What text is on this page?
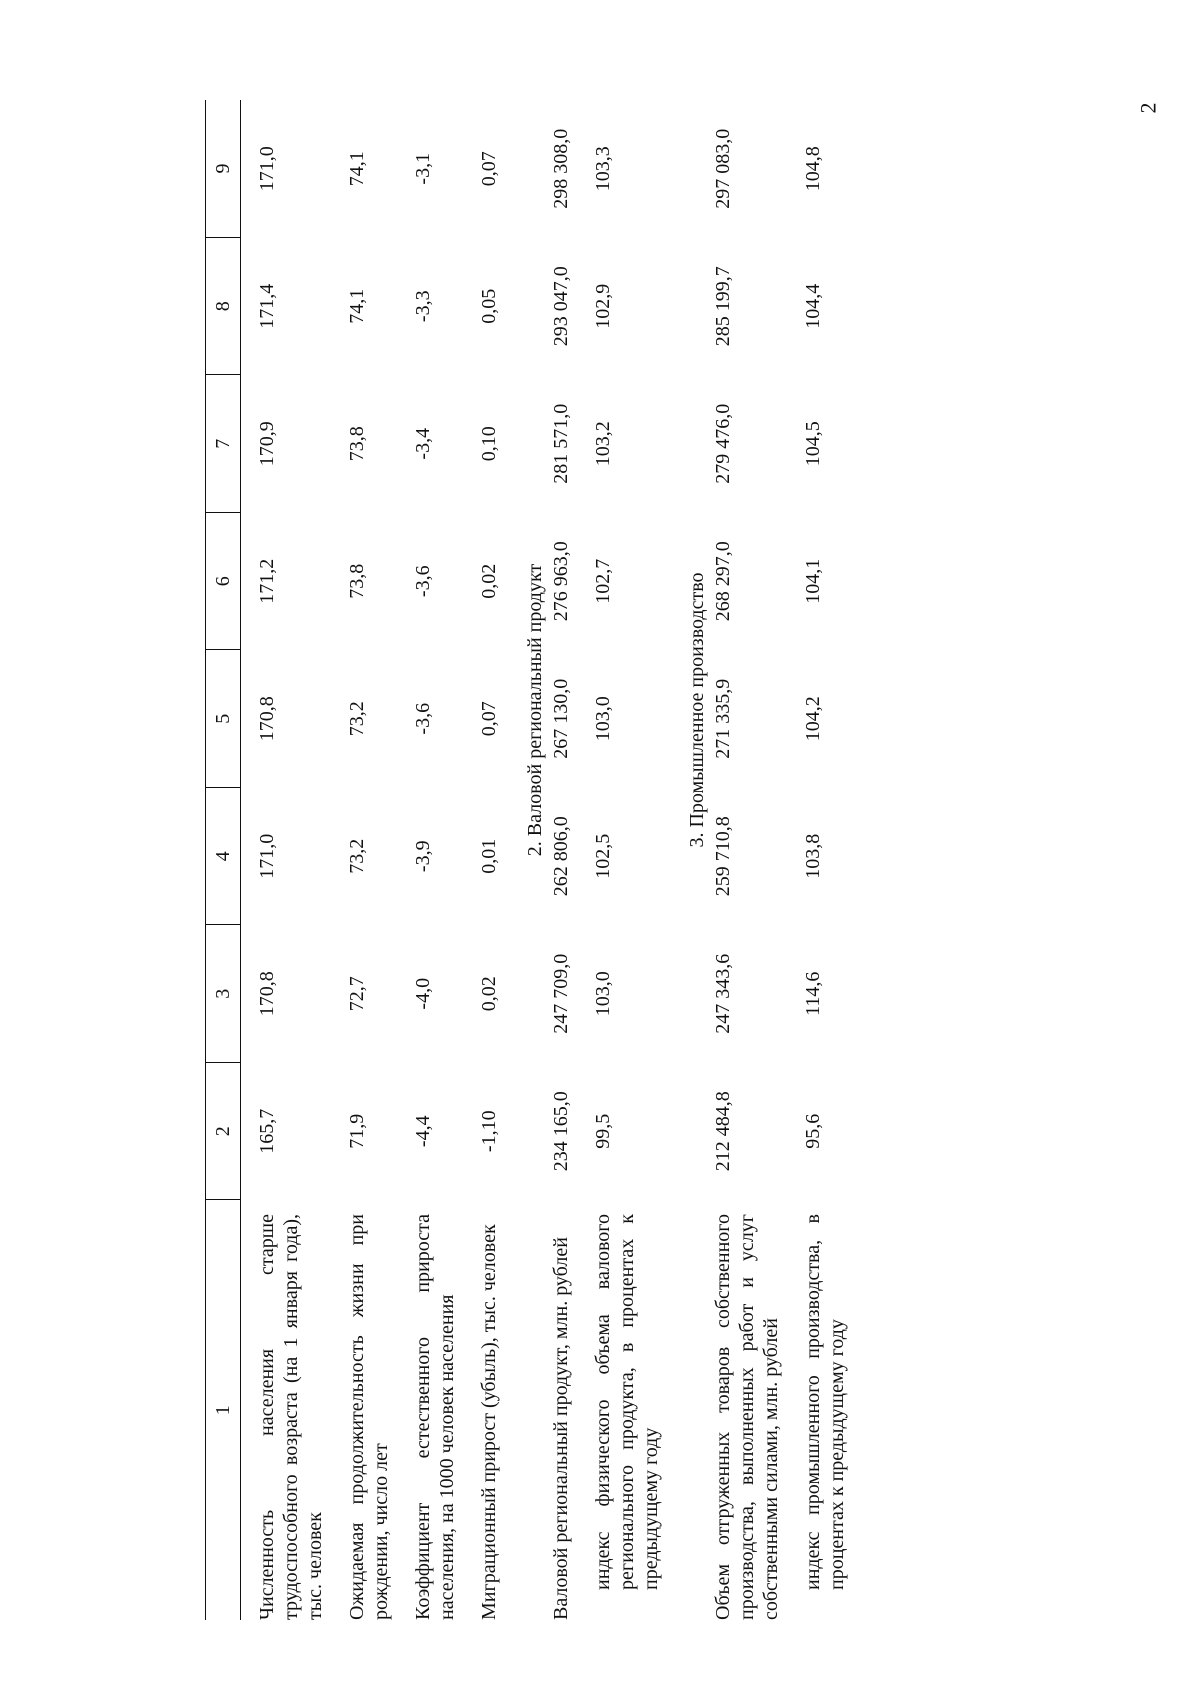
2
1	2	3	4	5	6	7	8	9
Численность населения старше трудоспособного возраста (на 1 января года), тыс. человек	165,7	170,8	171,0	170,8	171,2	170,9	171,4	171,0
Ожидаемая продолжительность жизни при рождении, число лет	71,9	72,7	73,2	73,2	73,8	73,8	74,1	74,1
Коэффициент естественного прироста населения, на 1000 человек населения	-4,4	-4,0	-3,9	-3,6	-3,6	-3,4	-3,3	-3,1
Миграционный прирост (убыль), тыс. человек	-1,10	0,02	0,01	0,07	0,02	0,10	0,05	0,07
2. Валовой региональный продукт								
Валовой региональный продукт, млн. рублей	234 165,0	247 709,0	262 806,0	267 130,0	276 963,0	281 571,0	293 047,0	298 308,0
индекс физического объема валового регионального продукта, в процентах к предыдущему году	99,5	103,0	102,5	103,0	102,7	103,2	102,9	103,3
3. Промышленное производство								
Объем отгруженных товаров собственного производства, выполненных работ и услуг собственными силами, млн. рублей	212 484,8	247 343,6	259 710,8	271 335,9	268 297,0	279 476,0	285 199,7	297 083,0
индекс промышленного производства, в процентах к предыдущему году	95,6	114,6	103,8	104,2	104,1	104,5	104,4	104,8
